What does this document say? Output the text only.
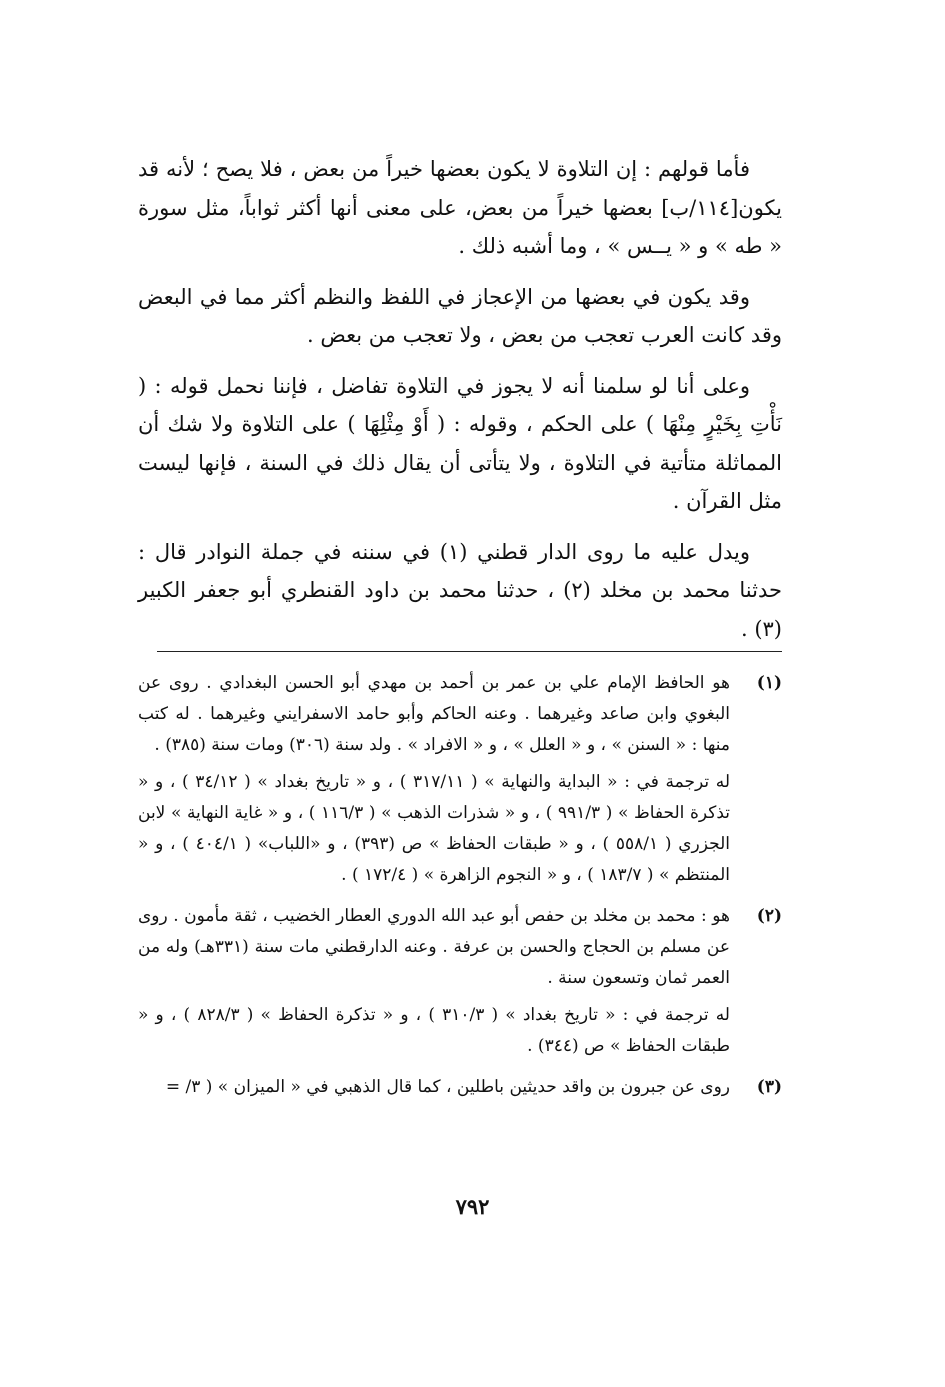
فأما قولهم : إن التلاوة لا يكون بعضها خيراً من بعض ، فلا يصح ؛ لأنه قد يكون[١١٤/ب] بعضها خيراً من بعض، على معنى أنها أكثر ثواباً، مثل سورة « طه » و « يــس » ، وما أشبه ذلك .

وقد يكون في بعضها من الإعجاز في اللفظ والنظم أكثر مما في البعض وقد كانت العرب تعجب من بعض ، ولا تعجب من بعض .

وعلى أنا لو سلمنا أنه لا يجوز في التلاوة تفاضل ، فإننا نحمل قوله : ( نَأْتِ بِخَيْرٍ مِنْهَا ) على الحكم ، وقوله : ( أَوْ مِثْلِهَا ) على التلاوة ولا شك أن المماثلة متأتية في التلاوة ، ولا يتأتى أن يقال ذلك في السنة ، فإنها ليست مثل القرآن .

ويدل عليه ما روى الدار قطني (١) في سننه في جملة النوادر قال : حدثنا محمد بن مخلد (٢) ، حدثنا محمد بن داود القنطري أبو جعفر الكبير (٣) .

(١)

هو الحافظ الإمام علي بن عمر بن أحمد بن مهدي أبو الحسن البغدادي . روى عن البغوي وابن صاعد وغيرهما . وعنه الحاكم وأبو حامد الاسفرايني وغيرهما . له كتب منها : « السنن » ، و « العلل » ، و « الافراد » . ولد سنة (٣٠٦) ومات سنة (٣٨٥) .

له ترجمة في : « البداية والنهاية » ( ٣١٧/١١ ) ، و « تاريخ بغداد » ( ٣٤/١٢ ) ، و « تذكرة الحفاظ » ( ٩٩١/٣ ) ، و « شذرات الذهب » ( ١١٦/٣ ) ، و « غاية النهاية » لابن الجزري ( ٥٥٨/١ ) ، و « طبقات الحفاظ » ص (٣٩٣) ، و «اللباب» ( ٤٠٤/١ ) ، و « المنتظم » ( ١٨٣/٧ ) ، و « النجوم الزاهرة » ( ١٧٢/٤ ) .

(٢)

هو : محمد بن مخلد بن حفص أبو عبد الله الدوري العطار الخضيب ، ثقة مأمون . روى عن مسلم بن الحجاج والحسن بن عرفة . وعنه الدارقطني مات سنة (٣٣١هـ) وله من العمر ثمان وتسعون سنة .

له ترجمة في : « تاريخ بغداد » ( ٣١٠/٣ ) ، و « تذكرة الحفاظ » ( ٨٢٨/٣ ) ، و « طبقات الحفاظ » ص (٣٤٤) .

(٣)

روى عن جبرون بن واقد حديثين باطلين ، كما قال الذهبي في « الميزان » ( ٣/ =

٧٩٢
